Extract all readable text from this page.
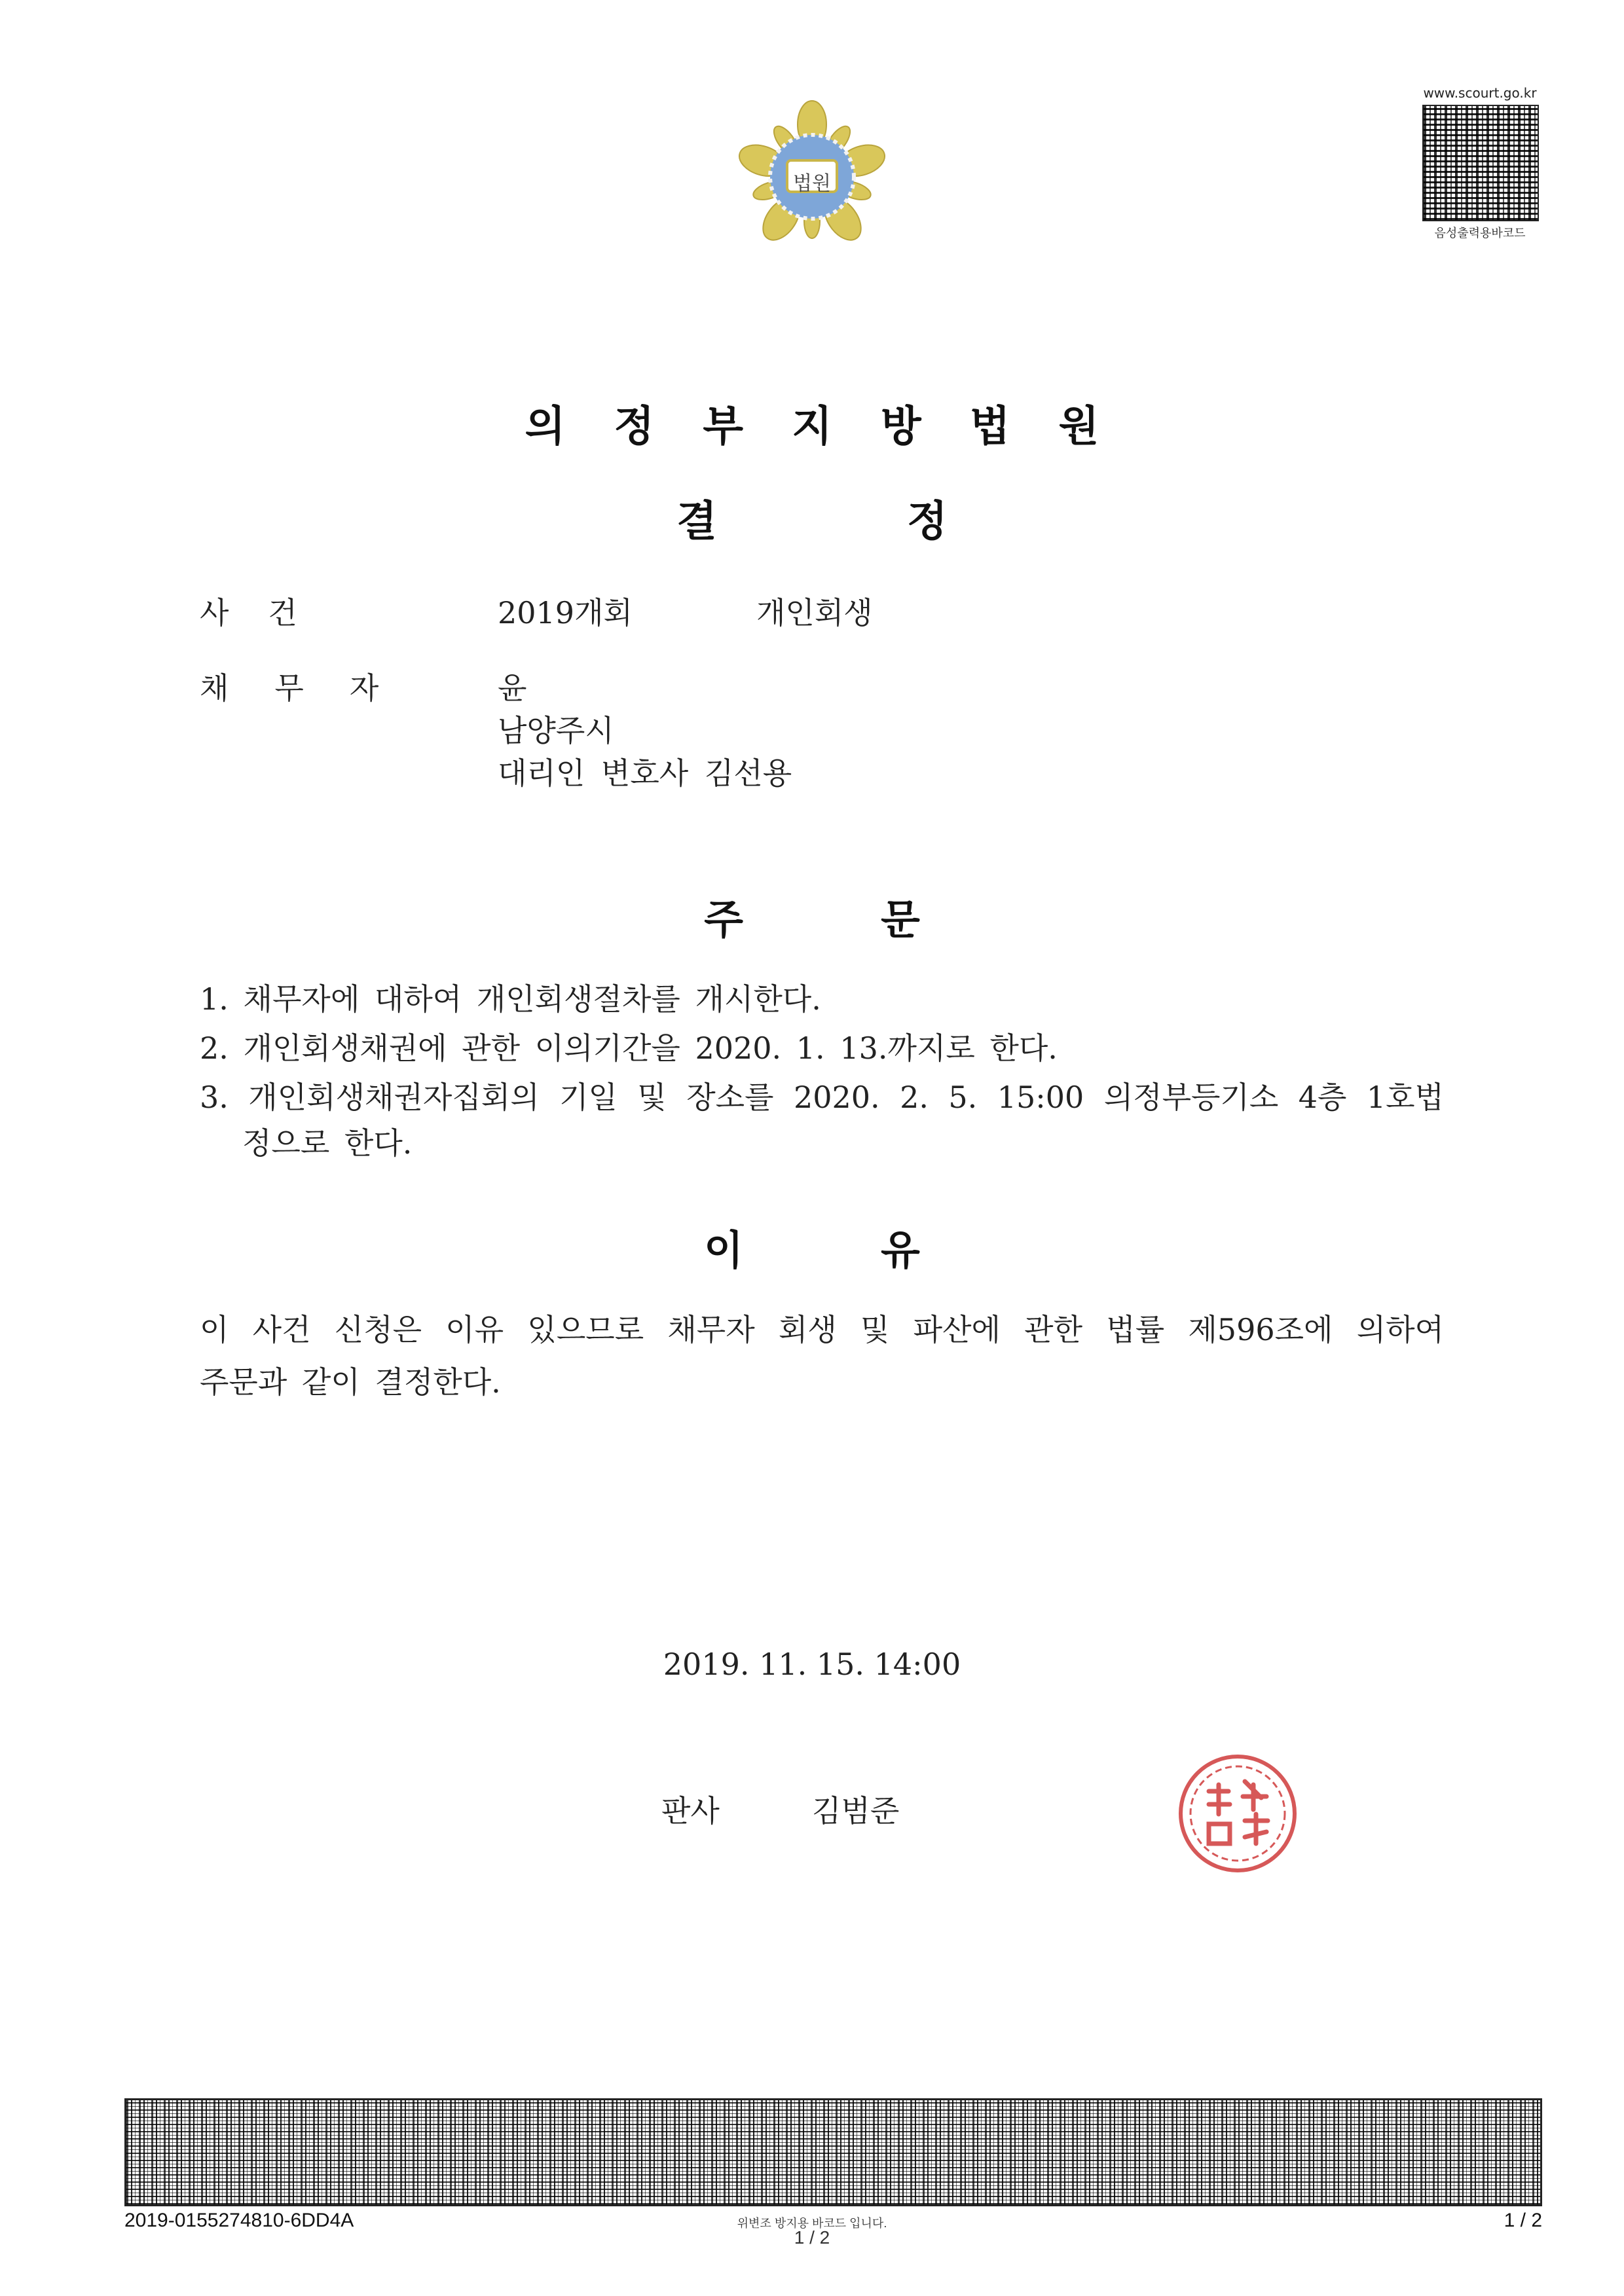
법원
www.scourt.go.kr
음성출력용바코드
의정부지방법원
결정
사건	2019개회	개인회생
채무자 윤
남양주시
대리인 변호사 김선용
주문
1. 채무자에 대하여 개인회생절차를 개시한다.
2. 개인회생채권에 관한 이의기간을 2020. 1. 13.까지로 한다.
3. 개인회생채권자집회의 기일 및 장소를 2020. 2. 5. 15:00 의정부등기소 4층 1호법
정으로 한다.
이유
이 사건 신청은 이유 있으므로 채무자 회생 및 파산에 관한 법률 제596조에 의하여
주문과 같이 결정한다.
2019. 11. 15. 14:00
판사	김범준
2019-0155274810-6DD4A	위변조 방지용 바코드 입니다.
1 / 2
1 / 2
